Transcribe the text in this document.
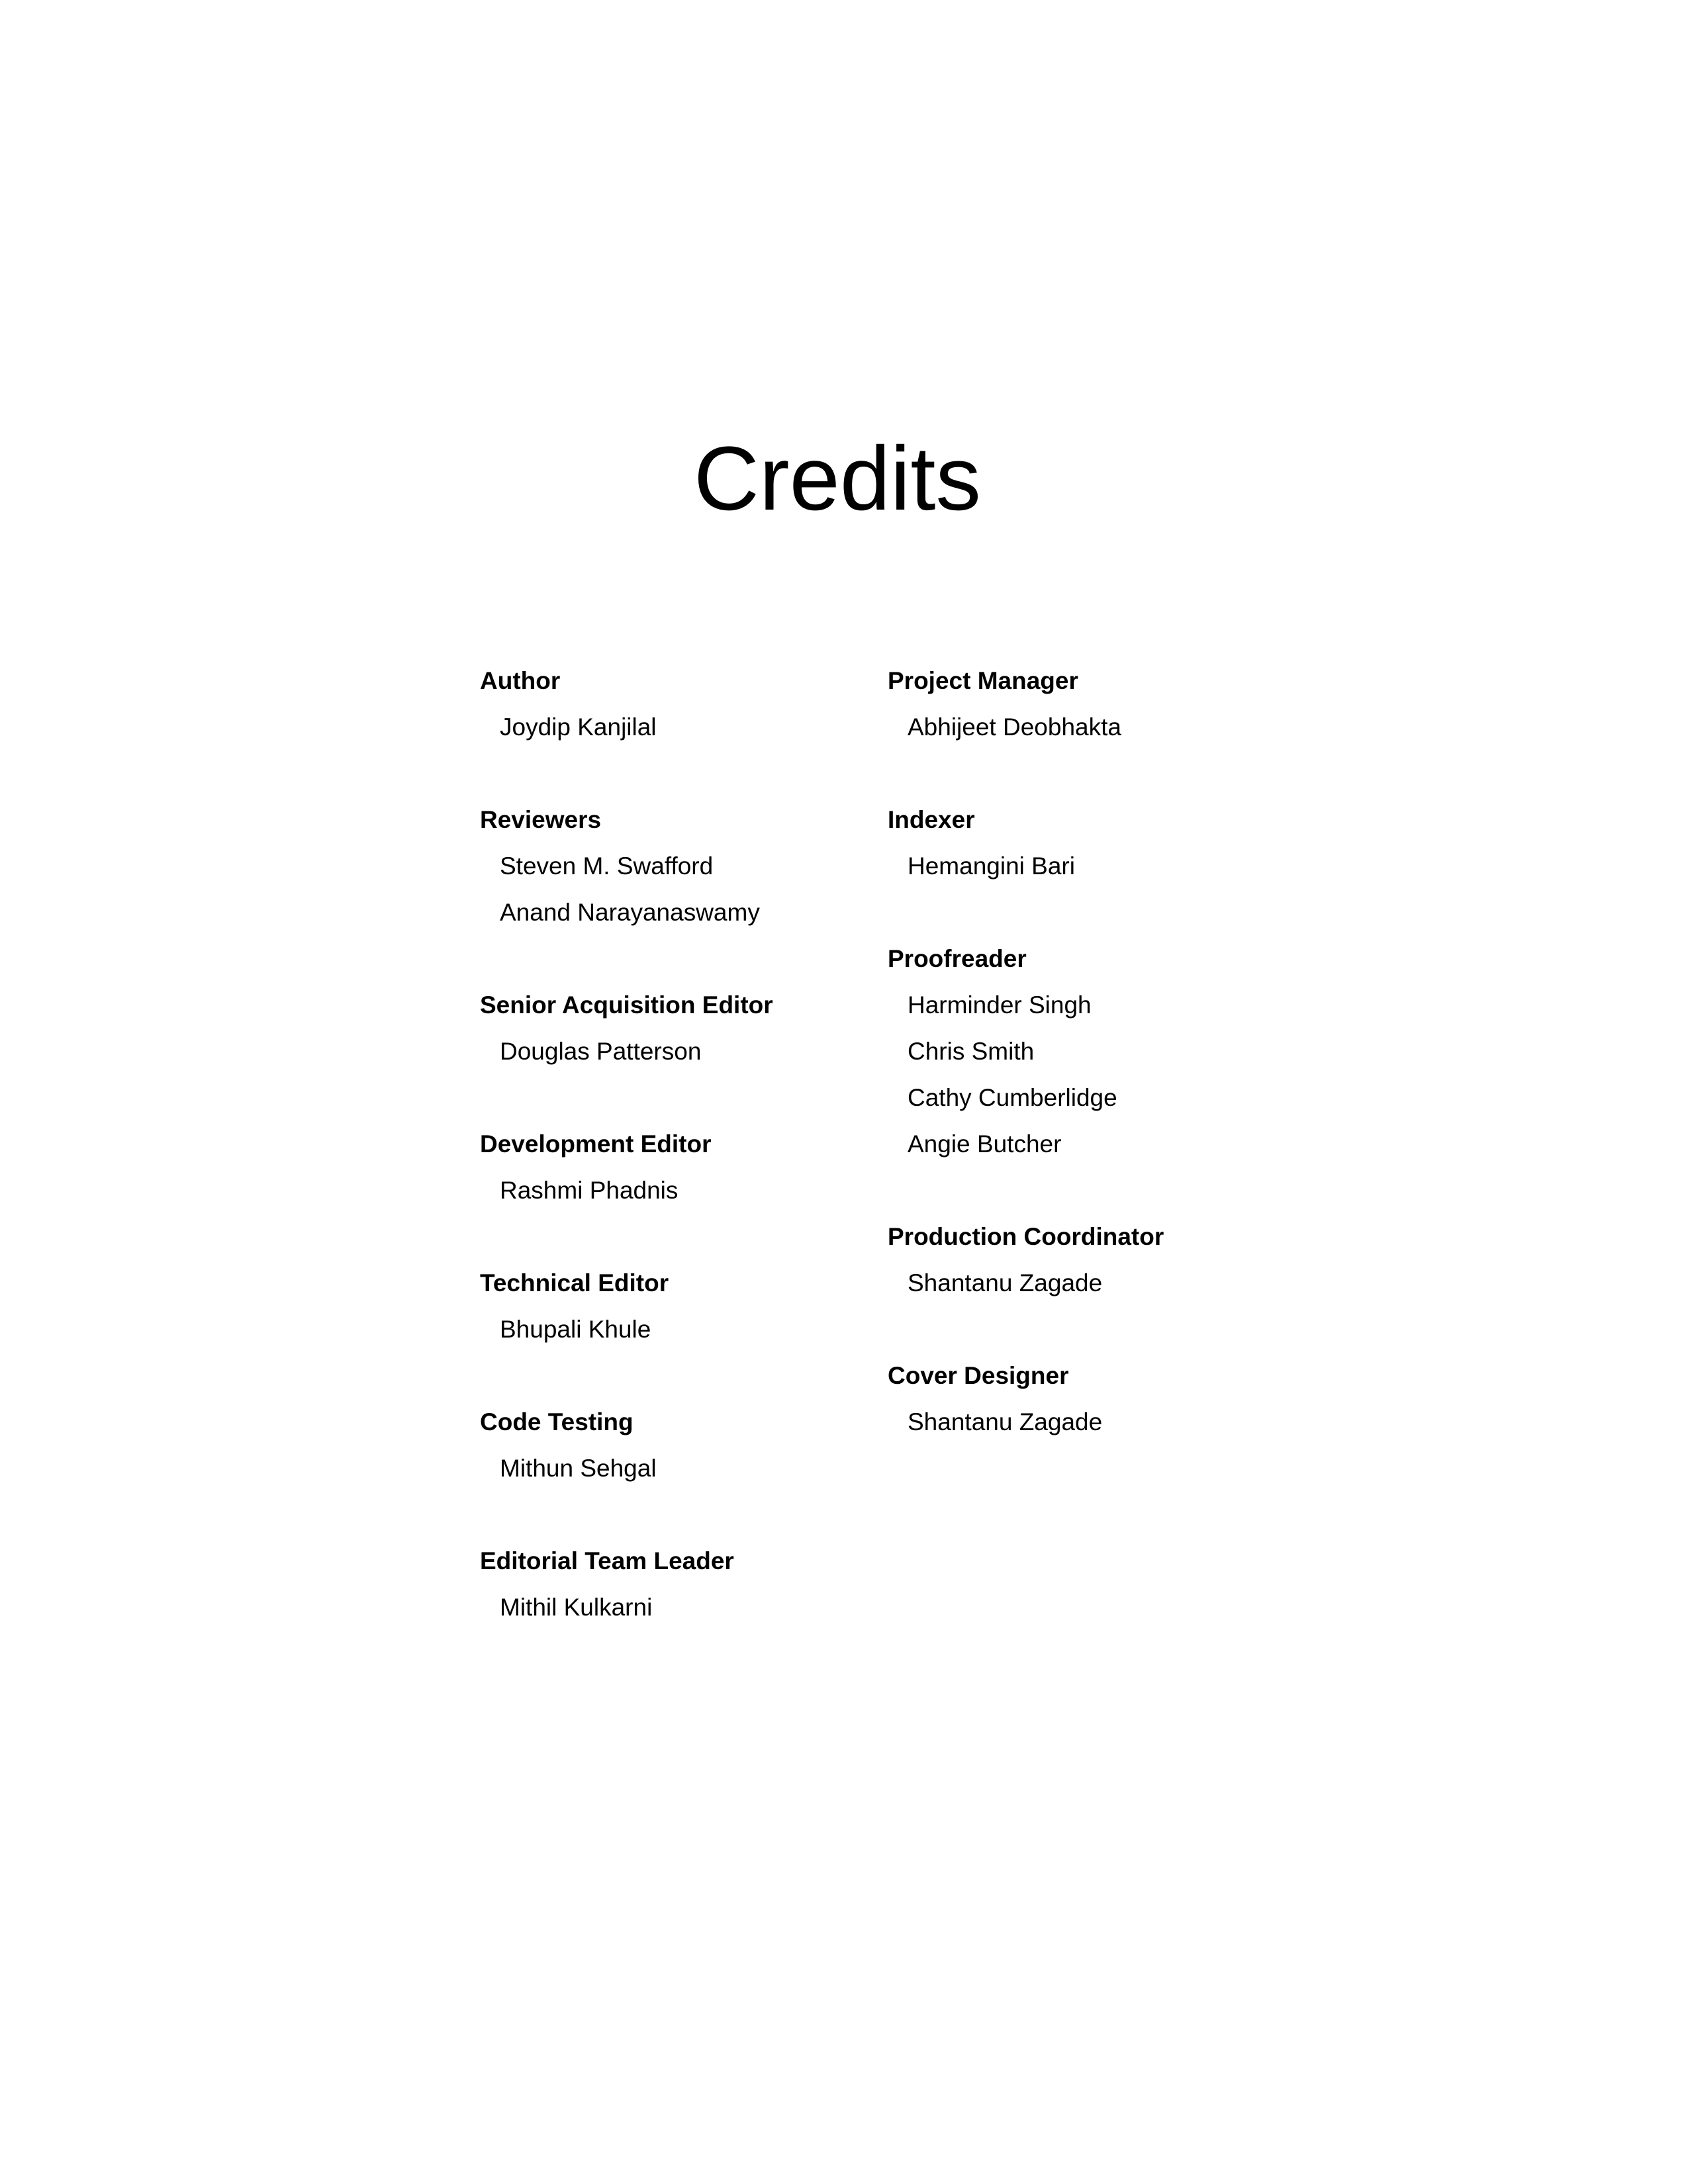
Credits
Author
Joydip Kanjilal
Reviewers
Steven M. Swafford
Anand Narayanaswamy
Senior Acquisition Editor
Douglas Patterson
Development Editor
Rashmi Phadnis
Technical Editor
Bhupali Khule
Code Testing
Mithun Sehgal
Editorial Team Leader
Mithil Kulkarni
Project Manager
Abhijeet Deobhakta
Indexer
Hemangini Bari
Proofreader
Harminder Singh
Chris Smith
Cathy Cumberlidge
Angie Butcher
Production Coordinator
Shantanu Zagade
Cover Designer
Shantanu Zagade
